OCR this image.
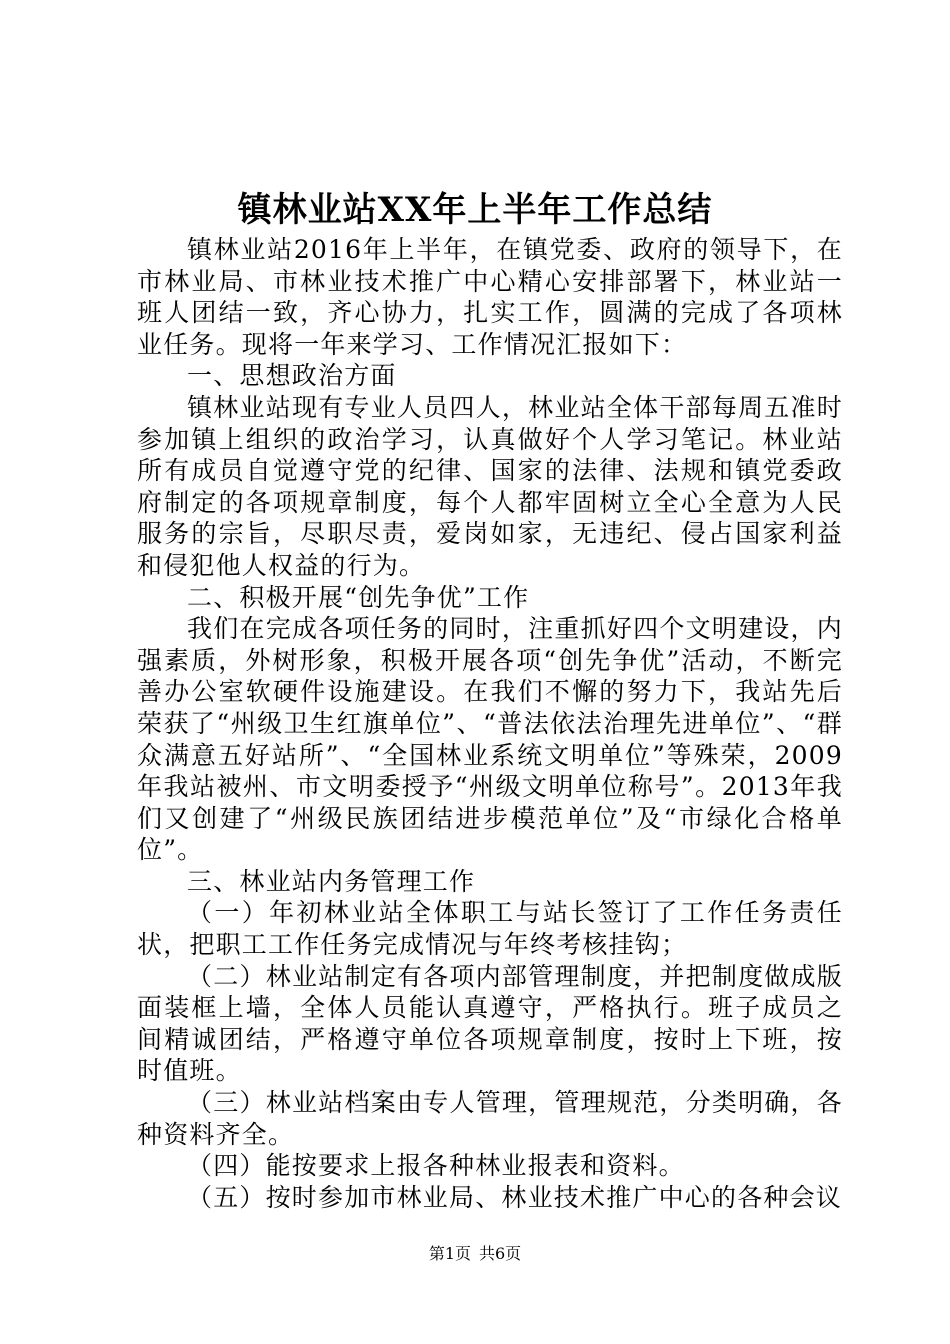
镇林业站XX年上半年工作总结

镇林业站2016年上半年，在镇党委、政府的领导下，在市林业局、市林业技术推广中心精心安排部署下，林业站一班人团结一致，齐心协力，扎实工作，圆满的完成了各项林业任务。现将一年来学习、工作情况汇报如下：

一、思想政治方面

镇林业站现有专业人员四人，林业站全体干部每周五准时参加镇上组织的政治学习，认真做好个人学习笔记。林业站所有成员自觉遵守党的纪律、国家的法律、法规和镇党委政府制定的各项规章制度，每个人都牢固树立全心全意为人民服务的宗旨，尽职尽责，爱岗如家，无违纪、侵占国家利益和侵犯他人权益的行为。

二、积极开展“创先争优”工作

我们在完成各项任务的同时，注重抓好四个文明建设，内强素质，外树形象，积极开展各项“创先争优”活动，不断完善办公室软硬件设施建设。在我们不懈的努力下，我站先后荣获了“州级卫生红旗单位”、“普法依法治理先进单位”、“群众满意五好站所”、“全国林业系统文明单位”等殊荣，2009年我站被州、市文明委授予“州级文明单位称号”。2013年我们又创建了“州级民族团结进步模范单位”及“市绿化合格单位”。

三、林业站内务管理工作

（一）年初林业站全体职工与站长签订了工作任务责任状，把职工工作任务完成情况与年终考核挂钩；

（二）林业站制定有各项内部管理制度，并把制度做成版面装框上墙，全体人员能认真遵守，严格执行。班子成员之间精诚团结，严格遵守单位各项规章制度，按时上下班，按时值班。

（三）林业站档案由专人管理，管理规范，分类明确，各种资料齐全。

（四）能按要求上报各种林业报表和资料。

（五）按时参加市林业局、林业技术推广中心的各种会议

第1页 共6页
